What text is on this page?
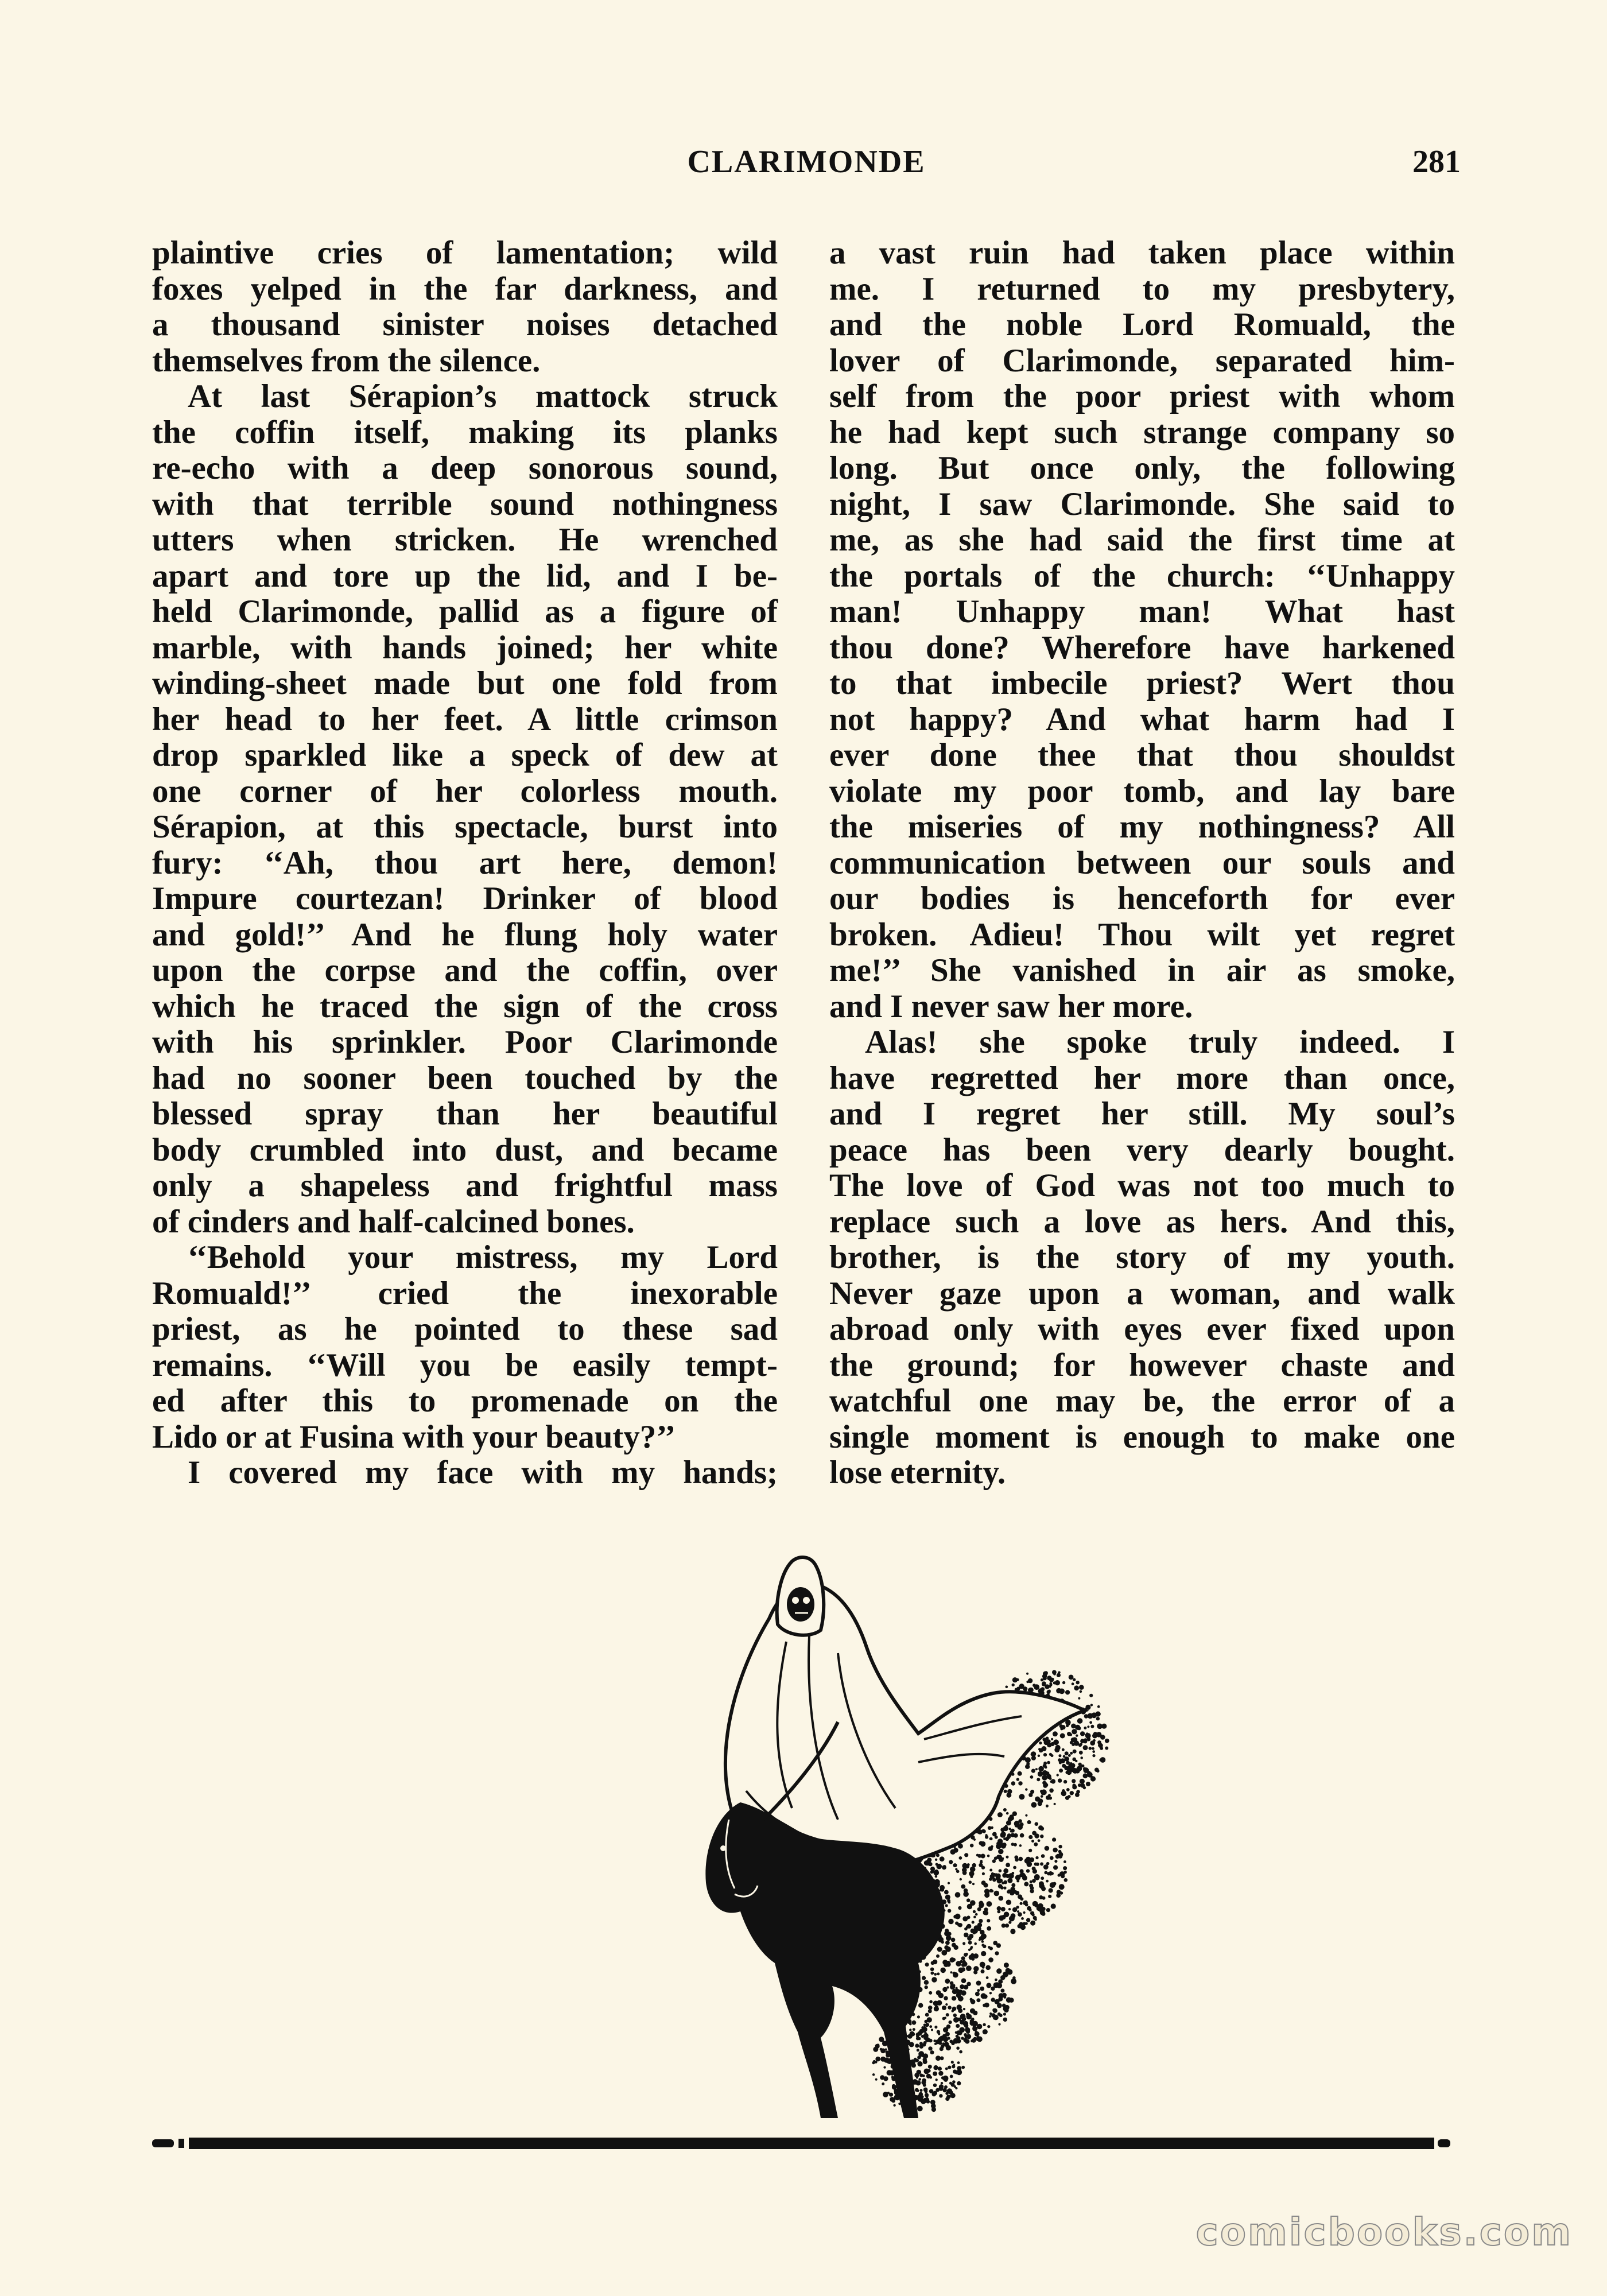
CLARIMONDE	281

plaintive cries of lamentation; wild
foxes yelped in the far darkness, and
a thousand sinister noises detached
themselves from the silence.

At last Sérapion’s mattock struck
the coffin itself, making its planks
re-echo with a deep sonorous sound,
with that terrible sound nothingness
utters when stricken. He wrenched
apart and tore up the lid, and I be-
held Clarimonde, pallid as a figure of
marble, with hands joined; her white
winding-sheet made but one fold from
her head to her feet. A little crimson
drop sparkled like a speck of dew at
one corner of her colorless mouth.
Sérapion, at this spectacle, burst into
fury: ‘‘Ah, thou art here, demon!
Impure courtezan! Drinker of blood
and gold!’’ And he flung holy water
upon the corpse and the coffin, over
which he traced the sign of the cross
with his sprinkler. Poor Clarimonde
had no sooner been touched by the
blessed spray than her beautiful
body crumbled into dust, and became
only a shapeless and frightful mass
of cinders and half-calcined bones.

‘‘Behold your mistress, my Lord
Romuald!’’ cried the inexorable
priest, as he pointed to these sad
remains. ‘‘Will you be easily tempt-
ed after this to promenade on the
Lido or at Fusina with your beauty?’’

I covered my face with my hands;

a vast ruin had taken place within
me. I returned to my presbytery,
and the noble Lord Romuald, the
lover of Clarimonde, separated him-
self from the poor priest with whom
he had kept such strange company so
long. But once only, the following
night, I saw Clarimonde. She said to
me, as she had said the first time at
the portals of the church: ‘‘Unhappy
man! Unhappy man! What hast
thou done? Wherefore have harkened
to that imbecile priest? Wert thou
not happy? And what harm had I
ever done thee that thou shouldst
violate my poor tomb, and lay bare
the miseries of my nothingness? All
communication between our souls and
our bodies is henceforth for ever
broken. Adieu! Thou wilt yet regret
me!’’ She vanished in air as smoke,
and I never saw her more.

Alas! she spoke truly indeed. I
have regretted her more than once,
and I regret her still. My soul’s
peace has been very dearly bought.
The love of God was not too much to
replace such a love as hers. And this,
brother, is the story of my youth.
Never gaze upon a woman, and walk
abroad only with eyes ever fixed upon
the ground; for however chaste and
watchful one may be, the error of a
single moment is enough to make one
lose eternity.

comicbooks.com
